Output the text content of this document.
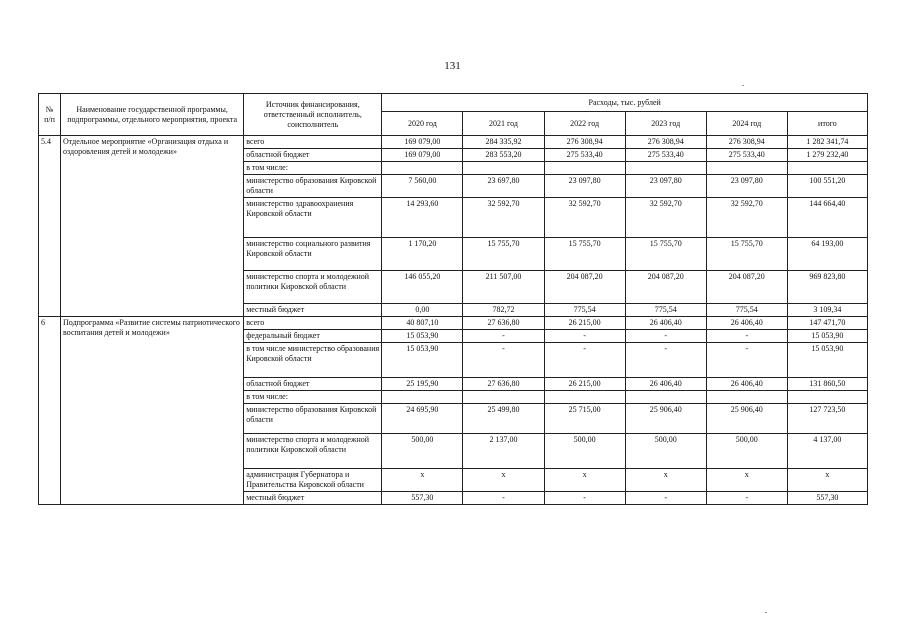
131
№
п/п	Наименование государственной программы, подпрограммы, отдельного мероприятия, проекта	Источник финансирования, ответственный исполнитель, соисполнитель	Расходы, тыс. рублей					
			2020 год	2021 год	2022 год	2023 год	2024 год	итого
5.4	Отдельное мероприятие «Организация отдыха и оздоровления детей и молодежи»	всего	169 079,00	284 335,92	276 308,94	276 308,94	276 308,94	1 282 341,74
		областной бюджет	169 079,00	283 553,20	275 533,40	275 533,40	275 533,40	1 279 232,40
		в том числе:						
		министерство образования Кировской области	7 560,00	23 697,80	23 097,80	23 097,80	23 097,80	100 551,20
		министерство здравоохранения Кировской области	14 293,60	32 592,70	32 592,70	32 592,70	32 592,70	144 664,40
		министерство социального развития Кировской области	1 170,20	15 755,70	15 755,70	15 755,70	15 755,70	64 193,00
		министерство спорта и молодежной политики Кировской области	146 055,20	211 507,00	204 087,20	204 087,20	204 087,20	969 823,80
		местный бюджет	0,00	782,72	775,54	775,54	775,54	3 109,34
6	Подпрограмма «Развитие системы патриотического воспитания детей и молодежи»	всего	40 807,10	27 636,80	26 215,00	26 406,40	26 406,40	147 471,70
		федеральный бюджет	15 053,90	-	-	-	-	15 053,90
		в том числе министерство образования Кировской области	15 053,90	-	-	-	-	15 053,90
		областной бюджет	25 195,90	27 636,80	26 215,00	26 406,40	26 406,40	131 860,50
		в том числе:						
		министерство образования Кировской области	24 695,90	25 499,80	25 715,00	25 906,40	25 906,40	127 723,50
		министерство спорта и молодежной политики Кировской области	500,00	2 137,00	500,00	500,00	500,00	4 137,00
		администрация Губернатора и Правительства Кировской области	x	x	x	x	x	x
		местный бюджет	557,30	-	-	-	-	557,30
